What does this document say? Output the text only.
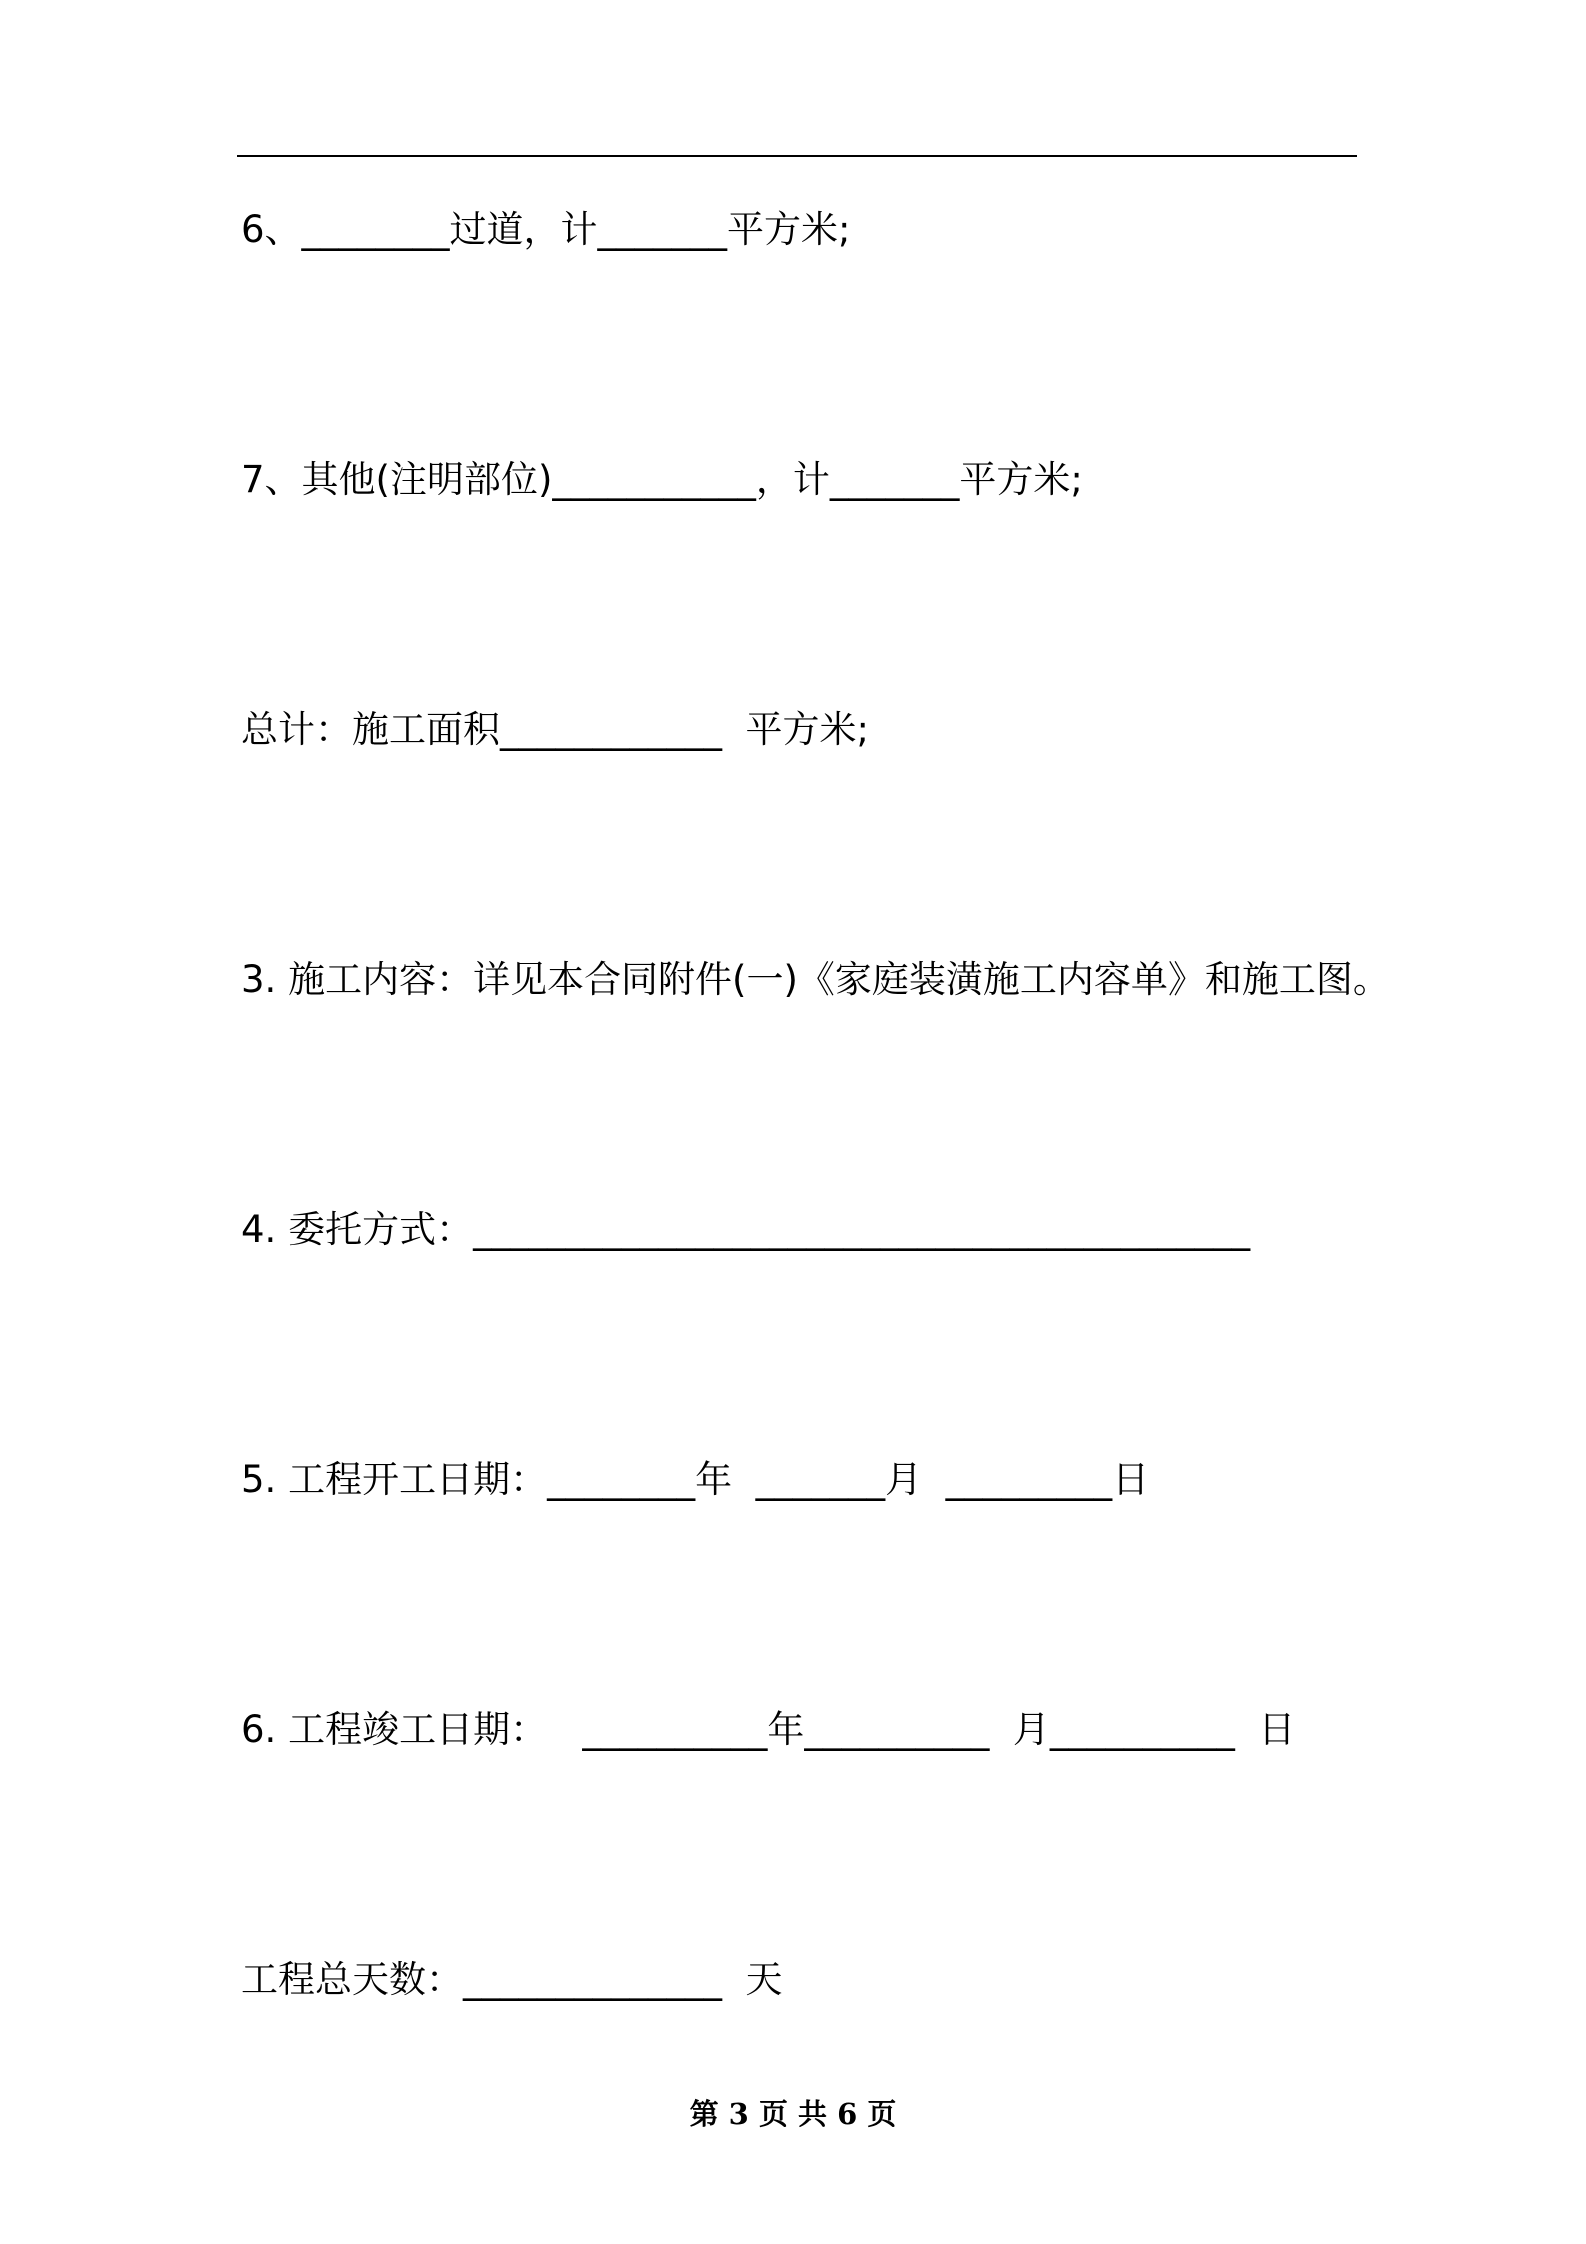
6、________过道，计_______平方米;
7、其他(注明部位)___________，计_______平方米;
总计：施工面积____________  平方米;
3. 施工内容：详见本合同附件(一)《家庭装潢施工内容单》和施工图。
4. 委托方式：__________________________________________
5. 工程开工日期：________年  _______月  _________日
6. 工程竣工日期：   __________年__________  月__________  日
工程总天数：______________  天
第 3 页 共 6 页
